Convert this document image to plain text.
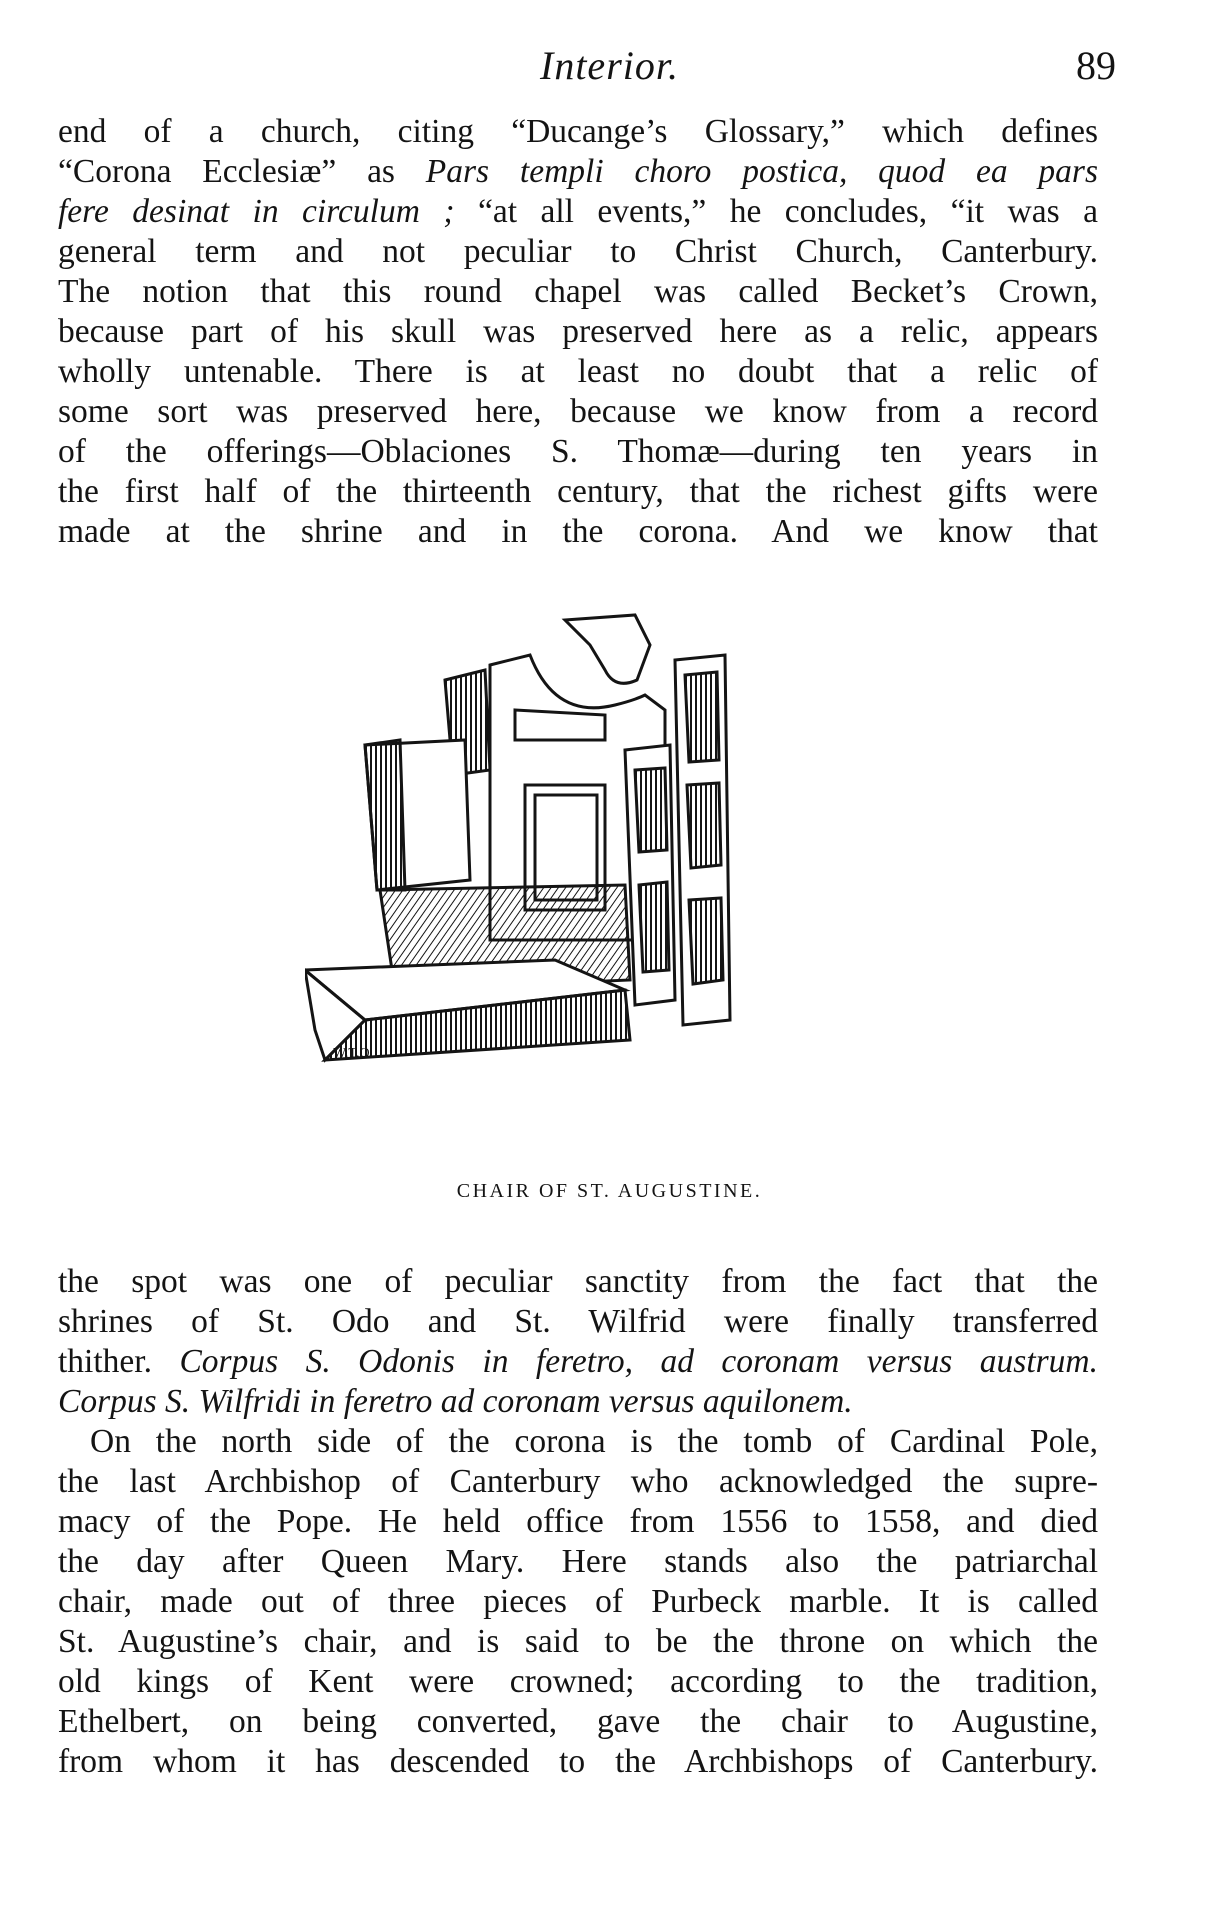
Interior.	89
end of a church, citing “Ducange’s Glossary,” which defines
“Corona Ecclesiæ” as Pars templi choro postica, quod ea pars
fere desinat in circulum ; “at all events,” he concludes, “it was a
general term and not peculiar to Christ Church, Canterbury.
The notion that this round chapel was called Becket’s Crown,
because part of his skull was preserved here as a relic, appears
wholly untenable. There is at least no doubt that a relic of
some sort was preserved here, because we know from a record
of the offerings—Oblaciones S. Thomæ—during ten years in
the first half of the thirteenth century, that the richest gifts were
made at the shrine and in the corona. And we know that
W.T.O
CHAIR OF ST. AUGUSTINE.
the spot was one of peculiar sanctity from the fact that the
shrines of St. Odo and St. Wilfrid were finally transferred
thither. Corpus S. Odonis in feretro, ad coronam versus austrum.
Corpus S. Wilfridi in feretro ad coronam versus aquilonem.
On the north side of the corona is the tomb of Cardinal Pole,
the last Archbishop of Canterbury who acknowledged the supre-
macy of the Pope. He held office from 1556 to 1558, and died
the day after Queen Mary. Here stands also the patriarchal
chair, made out of three pieces of Purbeck marble. It is called
St. Augustine’s chair, and is said to be the throne on which the
old kings of Kent were crowned; according to the tradition,
Ethelbert, on being converted, gave the chair to Augustine,
from whom it has descended to the Archbishops of Canterbury.
